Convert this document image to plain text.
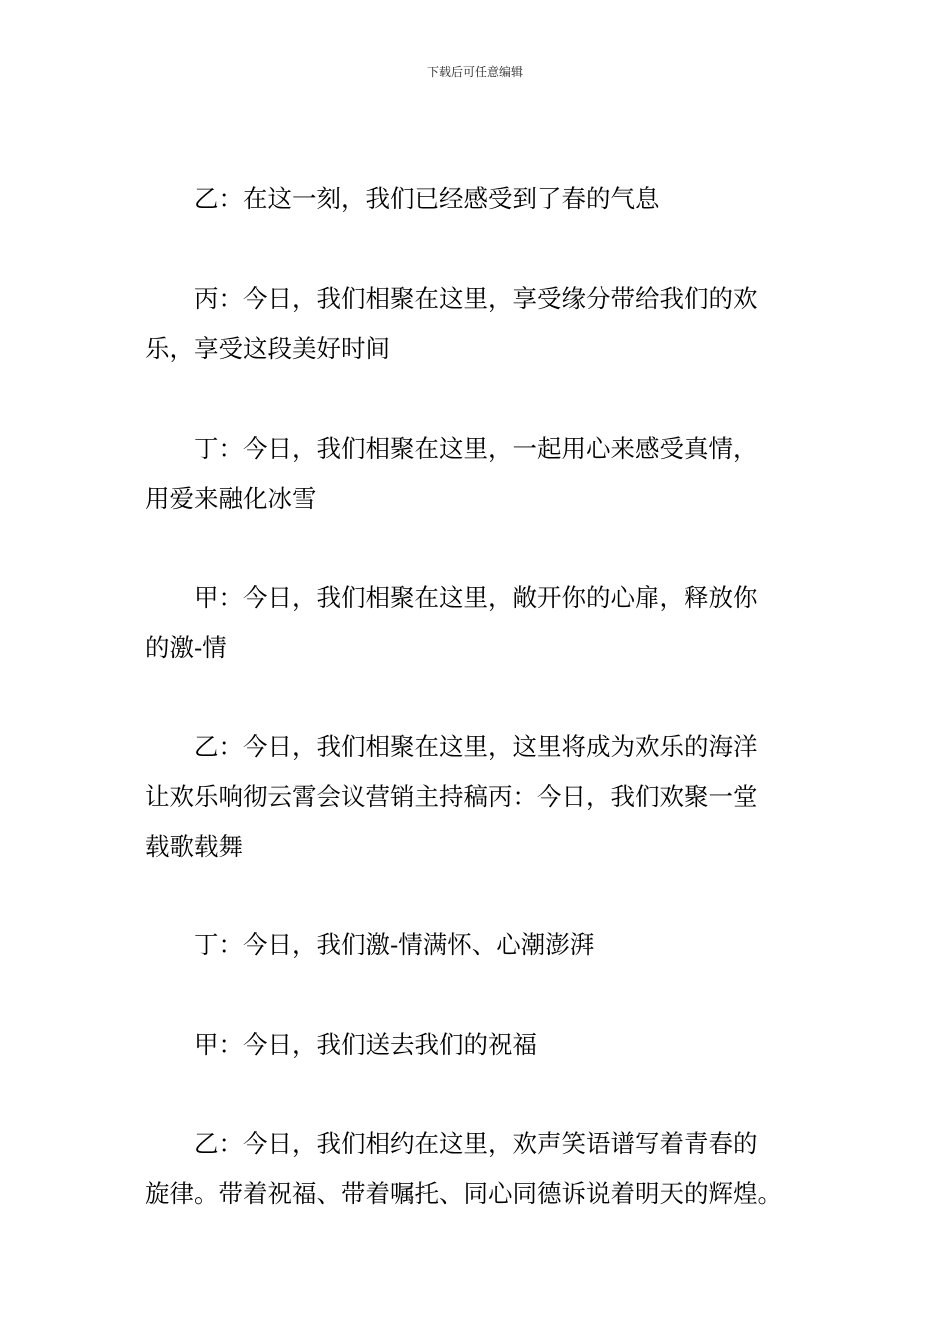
下载后可任意编辑
乙：在这一刻，我们已经感受到了春的气息
丙：今日，我们相聚在这里，享受缘分带给我们的欢
乐，享受这段美好时间
丁：今日，我们相聚在这里，一起用心来感受真情，
用爱来融化冰雪
甲：今日，我们相聚在这里，敞开你的心扉，释放你
的激-情
乙：今日，我们相聚在这里，这里将成为欢乐的海洋
让欢乐响彻云霄会议营销主持稿丙：今日，我们欢聚一堂
载歌载舞
丁：今日，我们激-情满怀、心潮澎湃
甲：今日，我们送去我们的祝福
乙：今日，我们相约在这里，欢声笑语谱写着青春的
旋律。带着祝福、带着嘱托、同心同德诉说着明天的辉煌。
